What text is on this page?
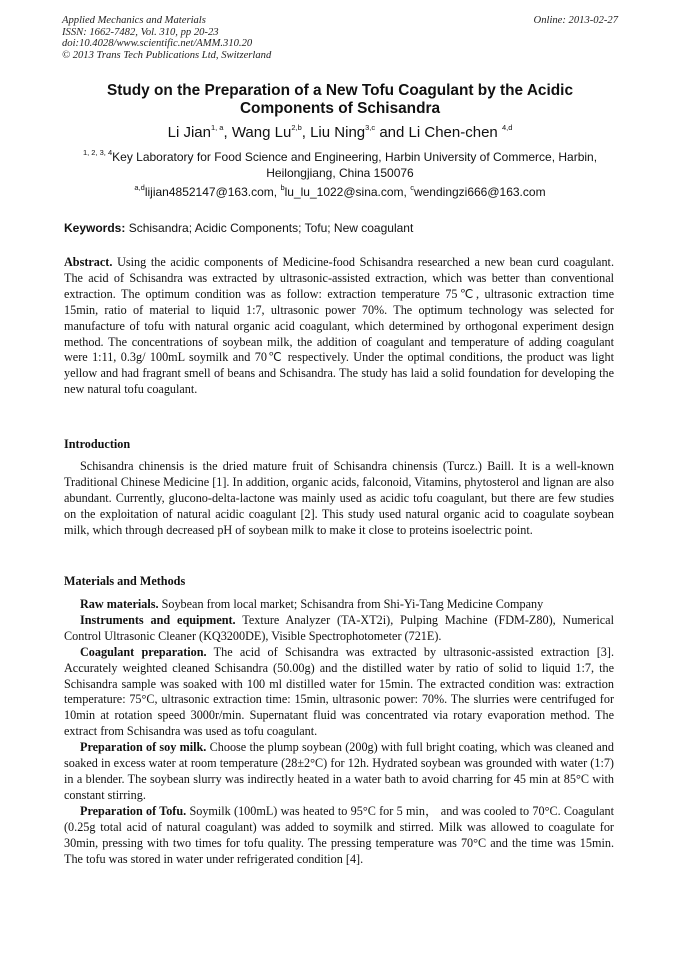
Applied Mechanics and Materials
ISSN: 1662-7482, Vol. 310, pp 20-23
doi:10.4028/www.scientific.net/AMM.310.20
© 2013 Trans Tech Publications Ltd, Switzerland
Online: 2013-02-27
Study on the Preparation of a New Tofu Coagulant by the Acidic
Components of Schisandra
Li Jian$^{1, a}$, Wang Lu$^{2,b}$, Liu Ning$^{3,c}$ and Li Chen-chen $^{4,d}$
$^{1, 2, 3, 4}$Key Laboratory for Food Science and Engineering, Harbin University of Commerce, Harbin,
Heilongjiang, China 150076
$^{a,d}$lijian4852147@163.com, $^b$lu_lu_1022@sina.com, $^c$wendingzi666@163.com
Keywords: Schisandra; Acidic Components; Tofu; New coagulant
Abstract. Using the acidic components of Medicine-food Schisandra researched a new bean curd coagulant. The acid of Schisandra was extracted by ultrasonic-assisted extraction, which was better than conventional extraction. The optimum condition was as follow: extraction temperature 75℃, ultrasonic extraction time 15min, ratio of material to liquid 1:7, ultrasonic power 70%. The optimum technology was selected for manufacture of tofu with natural organic acid coagulant, which determined by orthogonal experiment design method. The concentrations of soybean milk, the addition of coagulant and temperature of adding coagulant were 1:11, 0.3g/ 100mL soymilk and 70℃ respectively. Under the optimal conditions, the product was light yellow and had fragrant smell of beans and Schisandra. The study has laid a solid foundation for developing the new natural tofu coagulant.
Introduction
Schisandra chinensis is the dried mature fruit of Schisandra chinensis (Turcz.) Baill. It is a well-known Traditional Chinese Medicine [1]. In addition, organic acids, falconoid, Vitamins, phytosterol and lignan are also abundant. Currently, glucono-delta-lactone was mainly used as acidic tofu coagulant, but there are few studies on the exploitation of natural acidic coagulant [2]. This study used natural organic acid to coagulate soybean milk, which through decreased pH of soybean milk to make it close to proteins isoelectric point.
Materials and Methods

Raw materials. Soybean from local market; Schisandra from Shi-Yi-Tang Medicine Company

Instruments and equipment. Texture Analyzer (TA-XT2i), Pulping Machine (FDM-Z80), Numerical Control Ultrasonic Cleaner (KQ3200DE), Visible Spectrophotometer (721E).

Coagulant preparation. The acid of Schisandra was extracted by ultrasonic-assisted extraction [3]. Accurately weighted cleaned Schisandra (50.00g) and the distilled water by ratio of solid to liquid 1:7, the Schisandra sample was soaked with 100 ml distilled water for 15min. The extracted condition was: extraction temperature: 75°C, ultrasonic extraction time: 15min, ultrasonic power: 70%. The slurries were centrifuged for 10min at rotation speed 3000r/min. Supernatant fluid was concentrated via rotary evaporation method. The extract from Schisandra was used as tofu coagulant.

Preparation of soy milk. Choose the plump soybean (200g) with full bright coating, which was cleaned and soaked in excess water at room temperature (28±2°C) for 12h. Hydrated soybean was grounded with water (1:7) in a blender. The soybean slurry was indirectly heated in a water bath to avoid charring for 45 min at 85°C with constant stirring.

Preparation of Tofu. Soymilk (100mL) was heated to 95°C for 5 min， and was cooled to 70°C. Coagulant (0.25g total acid of natural coagulant) was added to soymilk and stirred. Milk was allowed to coagulate for 30min, pressing with two times for tofu quality. The pressing temperature was 70°C and the time was 15min. The tofu was stored in water under refrigerated condition [4].
